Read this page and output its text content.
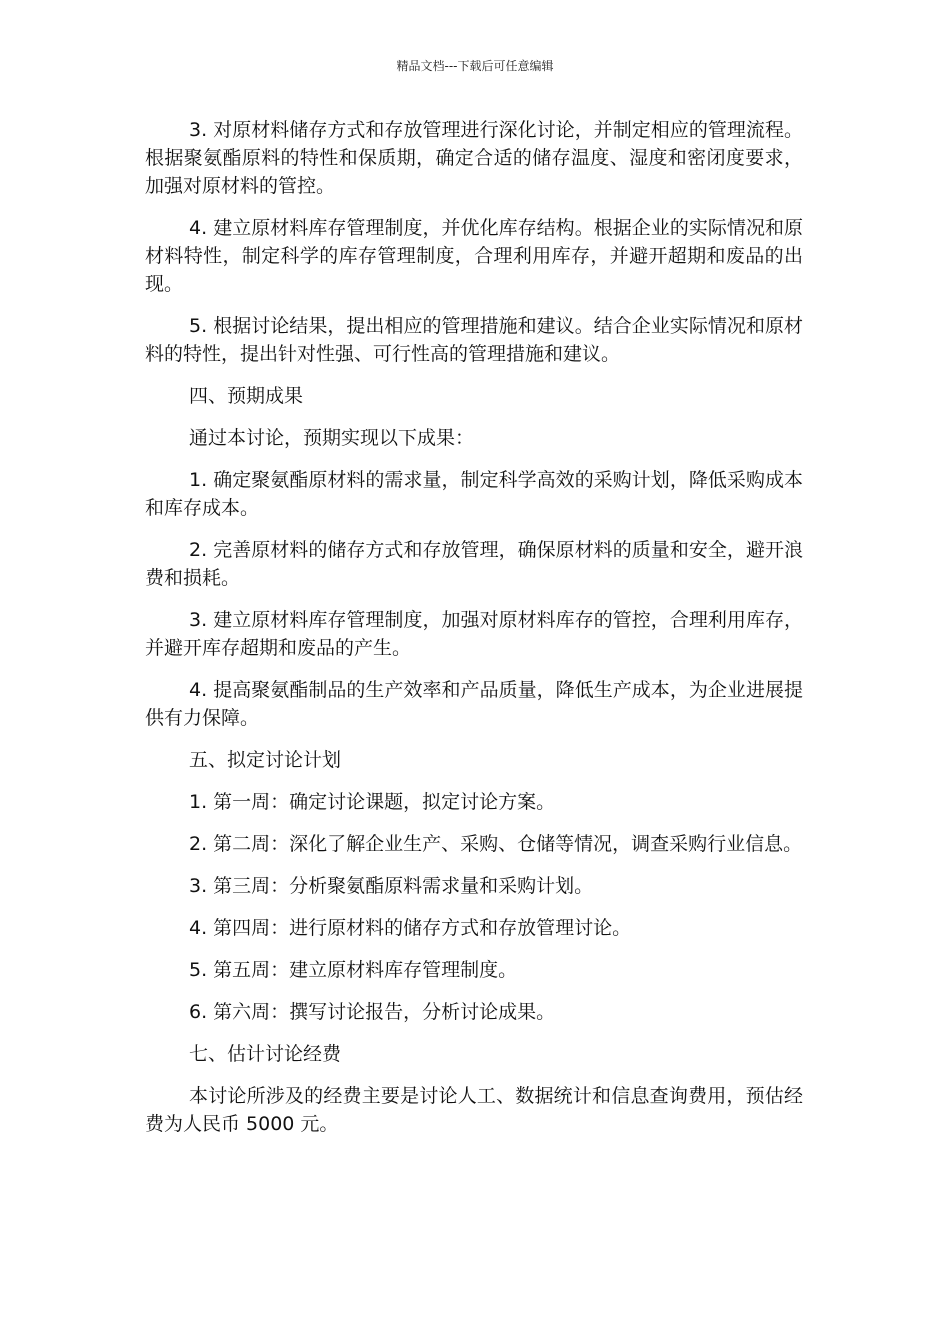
精品文档---下载后可任意编辑

3. 对原材料储存方式和存放管理进行深化讨论，并制定相应的管理流程。根据聚氨酯原料的特性和保质期，确定合适的储存温度、湿度和密闭度要求，加强对原材料的管控。

4. 建立原材料库存管理制度，并优化库存结构。根据企业的实际情况和原材料特性，制定科学的库存管理制度，合理利用库存，并避开超期和废品的出现。

5. 根据讨论结果，提出相应的管理措施和建议。结合企业实际情况和原材料的特性，提出针对性强、可行性高的管理措施和建议。

四、预期成果

通过本讨论，预期实现以下成果：

1. 确定聚氨酯原材料的需求量，制定科学高效的采购计划，降低采购成本和库存成本。

2. 完善原材料的储存方式和存放管理，确保原材料的质量和安全，避开浪费和损耗。

3. 建立原材料库存管理制度，加强对原材料库存的管控，合理利用库存，并避开库存超期和废品的产生。

4. 提高聚氨酯制品的生产效率和产品质量，降低生产成本，为企业进展提供有力保障。

五、拟定讨论计划

1. 第一周：确定讨论课题，拟定讨论方案。

2. 第二周：深化了解企业生产、采购、仓储等情况，调查采购行业信息。

3. 第三周：分析聚氨酯原料需求量和采购计划。

4. 第四周：进行原材料的储存方式和存放管理讨论。

5. 第五周：建立原材料库存管理制度。

6. 第六周：撰写讨论报告，分析讨论成果。

七、估计讨论经费

本讨论所涉及的经费主要是讨论人工、数据统计和信息查询费用，预估经费为人民币 5000 元。
